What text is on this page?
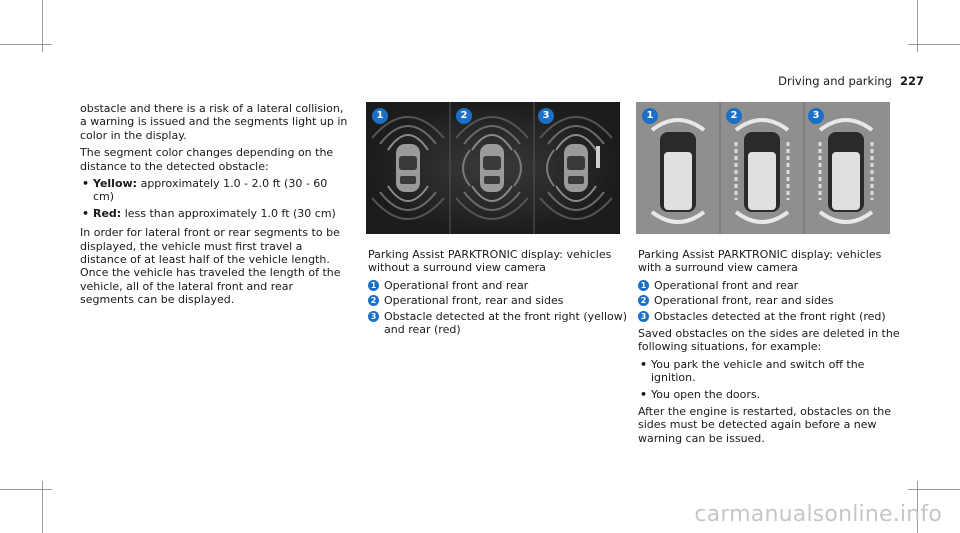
Driving and parking 227

obstacle and there is a risk of a lateral collision, a warning is issued and the segments light up in color in the display.

The segment color changes depending on the distance to the detected obstacle:

• Yellow: approximately 1.0 - 2.0 ft (30 - 60 cm)
• Red: less than approximately 1.0 ft (30 cm)

In order for lateral front or rear segments to be displayed, the vehicle must first travel a distance of at least half of the vehicle length. Once the vehicle has traveled the length of the vehicle, all of the lateral front and rear segments can be displayed.

1	2	3	1	2	3

Parking Assist PARKTRONIC display: vehicles without a surround view camera

1 Operational front and rear
2 Operational front, rear and sides
3 Obstacle detected at the front right (yellow) and rear (red)

Parking Assist PARKTRONIC display: vehicles with a surround view camera

1 Operational front and rear
2 Operational front, rear and sides
3 Obstacles detected at the front right (red)

Saved obstacles on the sides are deleted in the following situations, for example:

• You park the vehicle and switch off the ignition.
• You open the doors.

After the engine is restarted, obstacles on the sides must be detected again before a new warning can be issued.

carmanualsonline.info
